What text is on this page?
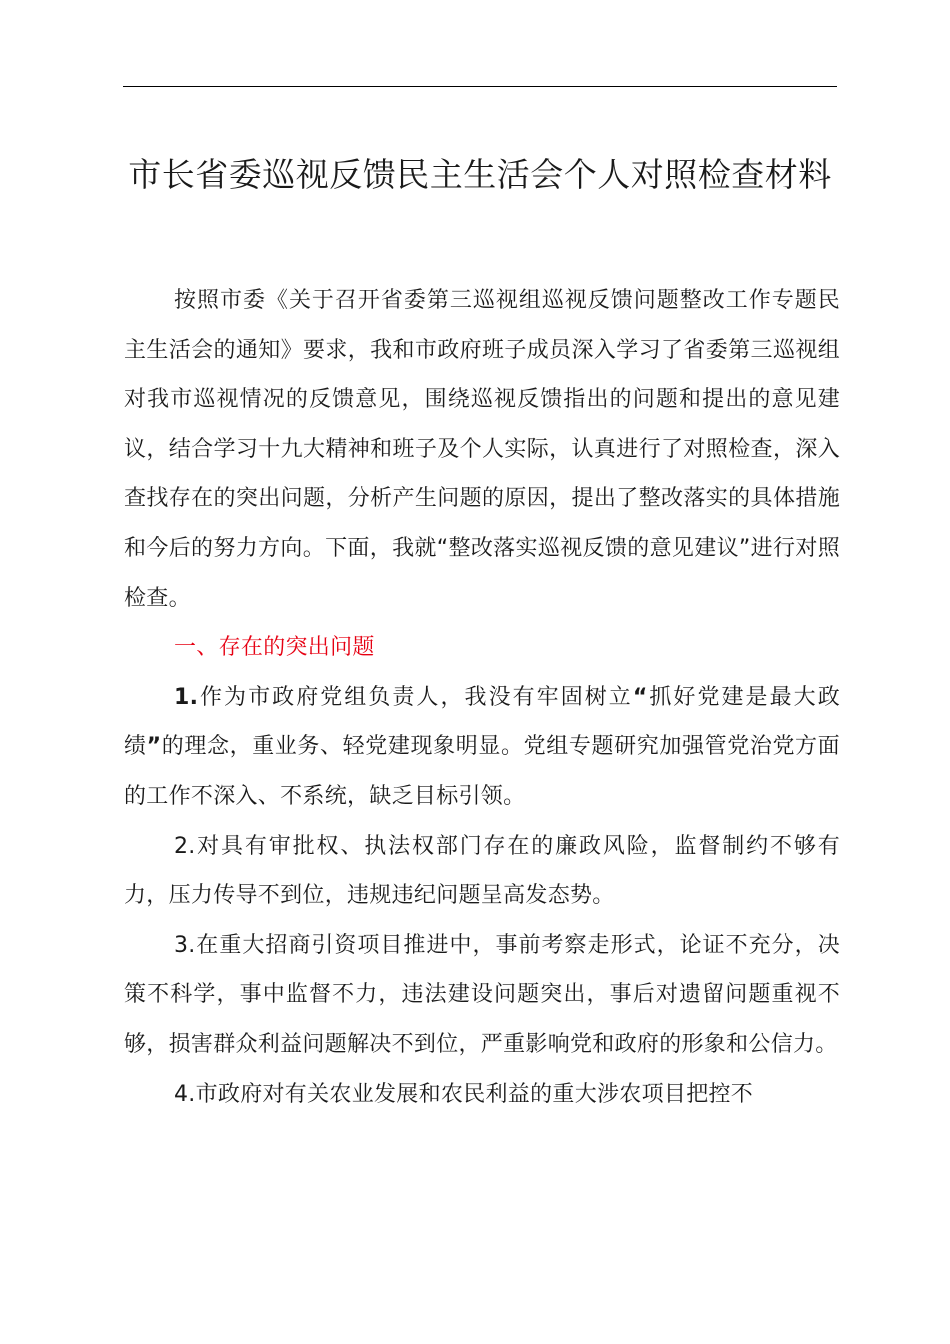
市长省委巡视反馈民主生活会个人对照检查材料

按照市委《关于召开省委第三巡视组巡视反馈问题整改工作专题民主生活会的通知》要求，我和市政府班子成员深入学习了省委第三巡视组对我市巡视情况的反馈意见，围绕巡视反馈指出的问题和提出的意见建议，结合学习十九大精神和班子及个人实际，认真进行了对照检查，深入查找存在的突出问题，分析产生问题的原因，提出了整改落实的具体措施和今后的努力方向。下面，我就“整改落实巡视反馈的意见建议”进行对照检查。

一、存在的突出问题

1.作为市政府党组负责人，我没有牢固树立“抓好党建是最大政绩”的理念，重业务、轻党建现象明显。党组专题研究加强管党治党方面的工作不深入、不系统，缺乏目标引领。

2.对具有审批权、执法权部门存在的廉政风险，监督制约不够有力，压力传导不到位，违规违纪问题呈高发态势。

3.在重大招商引资项目推进中，事前考察走形式，论证不充分，决策不科学，事中监督不力，违法建设问题突出，事后对遗留问题重视不够，损害群众利益问题解决不到位，严重影响党和政府的形象和公信力。

4.市政府对有关农业发展和农民利益的重大涉农项目把控不
